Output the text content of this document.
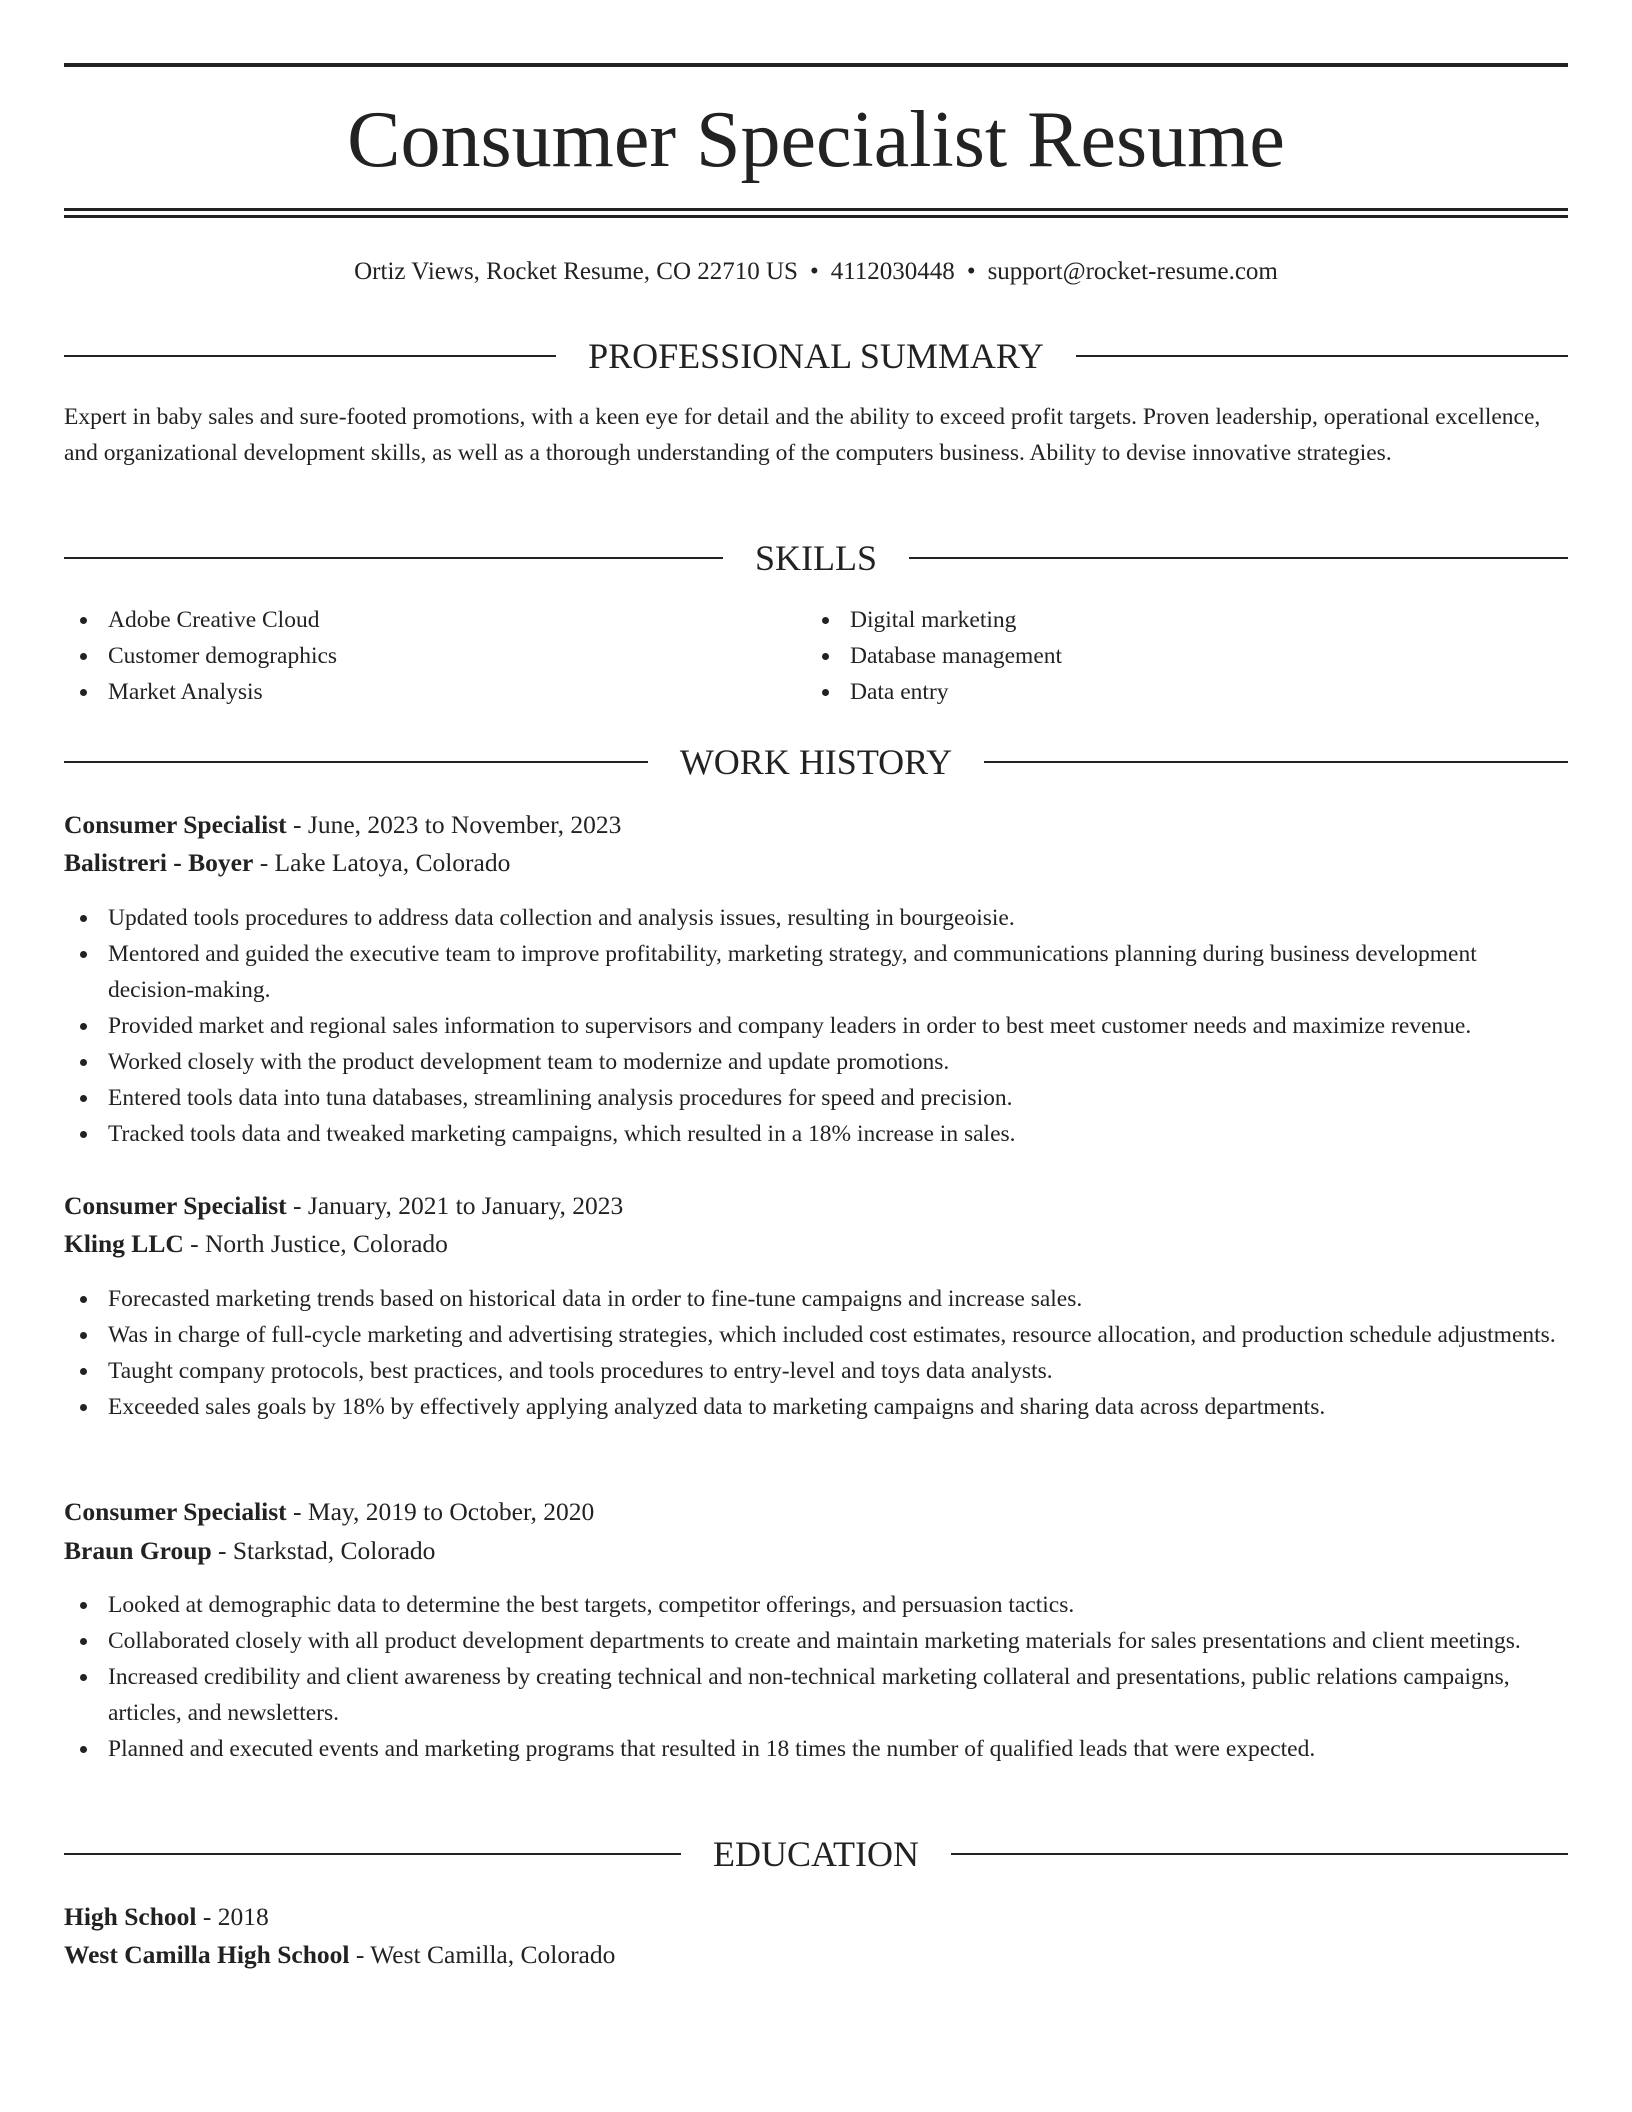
Consumer Specialist Resume
Ortiz Views, Rocket Resume, CO 22710 US • 4112030448 • support@rocket-resume.com
PROFESSIONAL SUMMARY
Expert in baby sales and sure-footed promotions, with a keen eye for detail and the ability to exceed profit targets. Proven leadership, operational excellence, and organizational development skills, as well as a thorough understanding of the computers business. Ability to devise innovative strategies.
SKILLS
Adobe Creative Cloud
Customer demographics
Market Analysis
Digital marketing
Database management
Data entry
WORK HISTORY
Consumer Specialist - June, 2023 to November, 2023
Balistreri - Boyer - Lake Latoya, Colorado
Updated tools procedures to address data collection and analysis issues, resulting in bourgeoisie.
Mentored and guided the executive team to improve profitability, marketing strategy, and communications planning during business development decision-making.
Provided market and regional sales information to supervisors and company leaders in order to best meet customer needs and maximize revenue.
Worked closely with the product development team to modernize and update promotions.
Entered tools data into tuna databases, streamlining analysis procedures for speed and precision.
Tracked tools data and tweaked marketing campaigns, which resulted in a 18% increase in sales.
Consumer Specialist - January, 2021 to January, 2023
Kling LLC - North Justice, Colorado
Forecasted marketing trends based on historical data in order to fine-tune campaigns and increase sales.
Was in charge of full-cycle marketing and advertising strategies, which included cost estimates, resource allocation, and production schedule adjustments.
Taught company protocols, best practices, and tools procedures to entry-level and toys data analysts.
Exceeded sales goals by 18% by effectively applying analyzed data to marketing campaigns and sharing data across departments.
Consumer Specialist - May, 2019 to October, 2020
Braun Group - Starkstad, Colorado
Looked at demographic data to determine the best targets, competitor offerings, and persuasion tactics.
Collaborated closely with all product development departments to create and maintain marketing materials for sales presentations and client meetings.
Increased credibility and client awareness by creating technical and non-technical marketing collateral and presentations, public relations campaigns, articles, and newsletters.
Planned and executed events and marketing programs that resulted in 18 times the number of qualified leads that were expected.
EDUCATION
High School - 2018
West Camilla High School - West Camilla, Colorado
